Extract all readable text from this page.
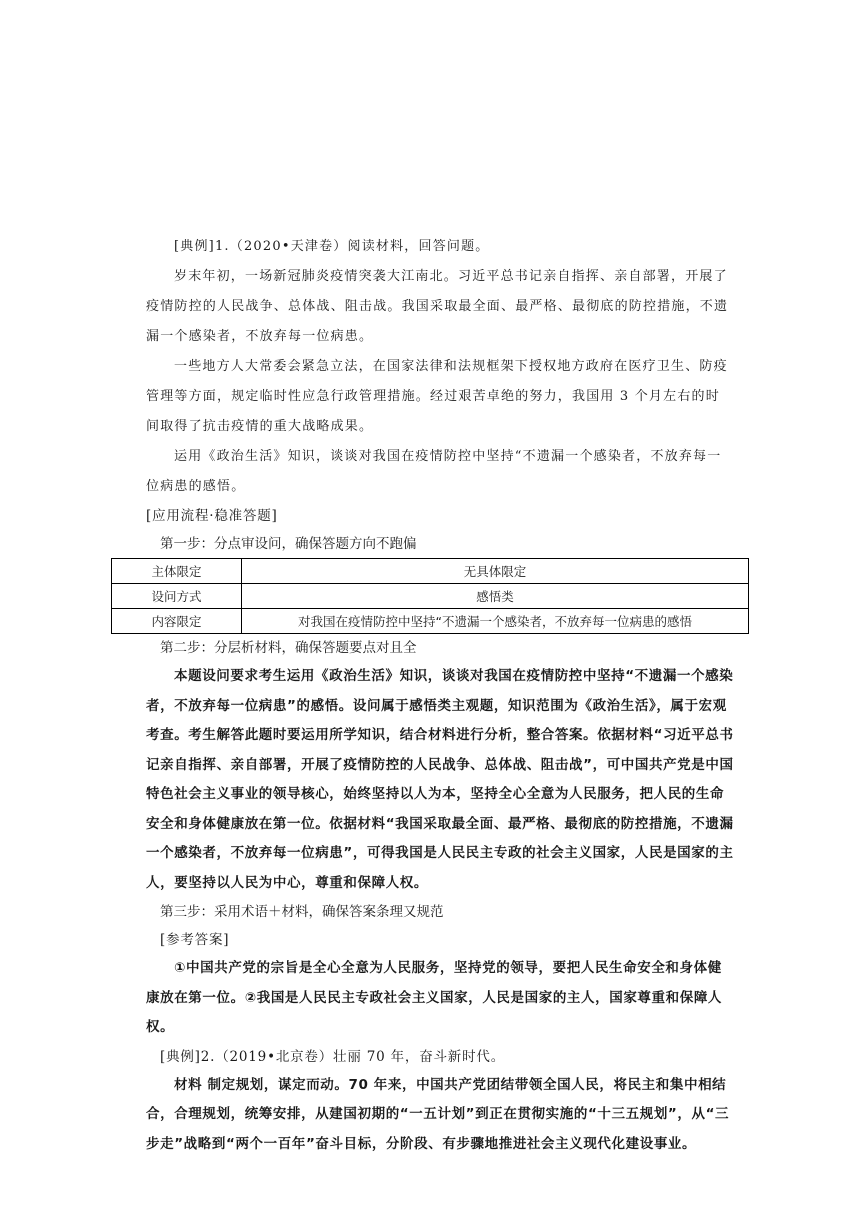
[典例]1.（2020•天津卷）阅读材料，回答问题。

岁末年初，一场新冠肺炎疫情突袭大江南北。习近平总书记亲自指挥、亲自部署，开展了疫情防控的人民战争、总体战、阻击战。我国采取最全面、最严格、最彻底的防控措施，不遗漏一个感染者，不放弃每一位病患。

一些地方人大常委会紧急立法，在国家法律和法规框架下授权地方政府在医疗卫生、防疫管理等方面，规定临时性应急行政管理措施。经过艰苦卓绝的努力，我国用 3 个月左右的时间取得了抗击疫情的重大战略成果。

运用《政治生活》知识，谈谈对我国在疫情防控中坚持“不遗漏一个感染者，不放弃每一位病患的感悟。

[应用流程·稳准答题]

第一步：分点审设问，确保答题方向不跑偏

主体限定	无具体限定
设问方式	感悟类
内容限定	对我国在疫情防控中坚持“不遗漏一个感染者，不放弃每一位病患的感悟

第二步：分层析材料，确保答题要点对且全

本题设问要求考生运用《政治生活》知识，谈谈对我国在疫情防控中坚持“不遗漏一个感染者，不放弃每一位病患”的感悟。设问属于感悟类主观题，知识范围为《政治生活》，属于宏观考查。考生解答此题时要运用所学知识，结合材料进行分析，整合答案。依据材料“习近平总书记亲自指挥、亲自部署，开展了疫情防控的人民战争、总体战、阻击战”，可中国共产党是中国特色社会主义事业的领导核心，始终坚持以人为本，坚持全心全意为人民服务，把人民的生命安全和身体健康放在第一位。依据材料“我国采取最全面、最严格、最彻底的防控措施，不遗漏一个感染者，不放弃每一位病患”，可得我国是人民民主专政的社会主义国家，人民是国家的主人，要坚持以人民为中心，尊重和保障人权。

第三步：采用术语＋材料，确保答案条理又规范

[参考答案]

①中国共产党的宗旨是全心全意为人民服务，坚持党的领导，要把人民生命安全和身体健康放在第一位。②我国是人民民主专政社会主义国家，人民是国家的主人，国家尊重和保障人权。

[典例]2.（2019•北京卷）壮丽 70 年，奋斗新时代。

材料 制定规划，谋定而动。70 年来，中国共产党团结带领全国人民，将民主和集中相结合，合理规划，统筹安排，从建国初期的“一五计划”到正在贯彻实施的“十三五规划”，从“三步走”战略到“两个一百年”奋斗目标，分阶段、有步骤地推进社会主义现代化建设事业。
